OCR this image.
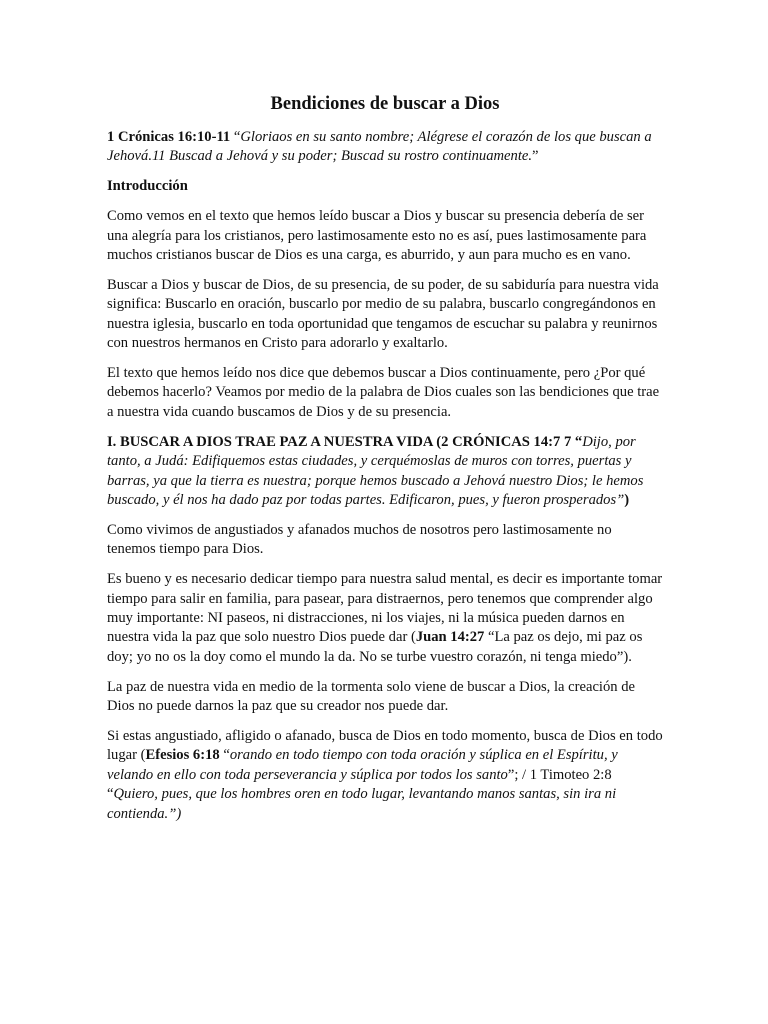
Bendiciones de buscar a Dios

1 Crónicas 16:10-11 “Gloriaos en su santo nombre; Alégrese el corazón de los que buscan a Jehová.11 Buscad a Jehová y su poder; Buscad su rostro continuamente.”

Introducción

Como vemos en el texto que hemos leído buscar a Dios y buscar su presencia debería de ser una alegría para los cristianos, pero lastimosamente esto no es así, pues lastimosamente para muchos cristianos buscar de Dios es una carga, es aburrido, y aun para mucho es en vano.

Buscar a Dios y buscar de Dios, de su presencia, de su poder, de su sabiduría para nuestra vida significa: Buscarlo en oración, buscarlo por medio de su palabra, buscarlo congregándonos en nuestra iglesia, buscarlo en toda oportunidad que tengamos de escuchar su palabra y reunirnos con nuestros hermanos en Cristo para adorarlo y exaltarlo.

El texto que hemos leído nos dice que debemos buscar a Dios continuamente, pero ¿Por qué debemos hacerlo? Veamos por medio de la palabra de Dios cuales son las bendiciones que trae a nuestra vida cuando buscamos de Dios y de su presencia.

I. BUSCAR A DIOS TRAE PAZ A NUESTRA VIDA (2 CRÓNICAS 14:7 7 “Dijo, por tanto, a Judá: Edifiquemos estas ciudades, y cerquémoslas de muros con torres, puertas y barras, ya que la tierra es nuestra; porque hemos buscado a Jehová nuestro Dios; le hemos buscado, y él nos ha dado paz por todas partes. Edificaron, pues, y fueron prosperados”)

Como vivimos de angustiados y afanados muchos de nosotros pero lastimosamente no tenemos tiempo para Dios.

Es bueno y es necesario dedicar tiempo para nuestra salud mental, es decir es importante tomar tiempo para salir en familia, para pasear, para distraernos, pero tenemos que comprender algo muy importante: NI paseos, ni distracciones, ni los viajes, ni la música pueden darnos en nuestra vida la paz que solo nuestro Dios puede dar (Juan 14:27 “La paz os dejo, mi paz os doy; yo no os la doy como el mundo la da. No se turbe vuestro corazón, ni tenga miedo”).

La paz de nuestra vida en medio de la tormenta solo viene de buscar a Dios, la creación de Dios no puede darnos la paz que su creador nos puede dar.

Si estas angustiado, afligido o afanado, busca de Dios en todo momento, busca de Dios en todo lugar (Efesios 6:18 “orando en todo tiempo con toda oración y súplica en el Espíritu, y velando en ello con toda perseverancia y súplica por todos los santo”; / 1 Timoteo 2:8 “Quiero, pues, que los hombres oren en todo lugar, levantando manos santas, sin ira ni contienda.”)
